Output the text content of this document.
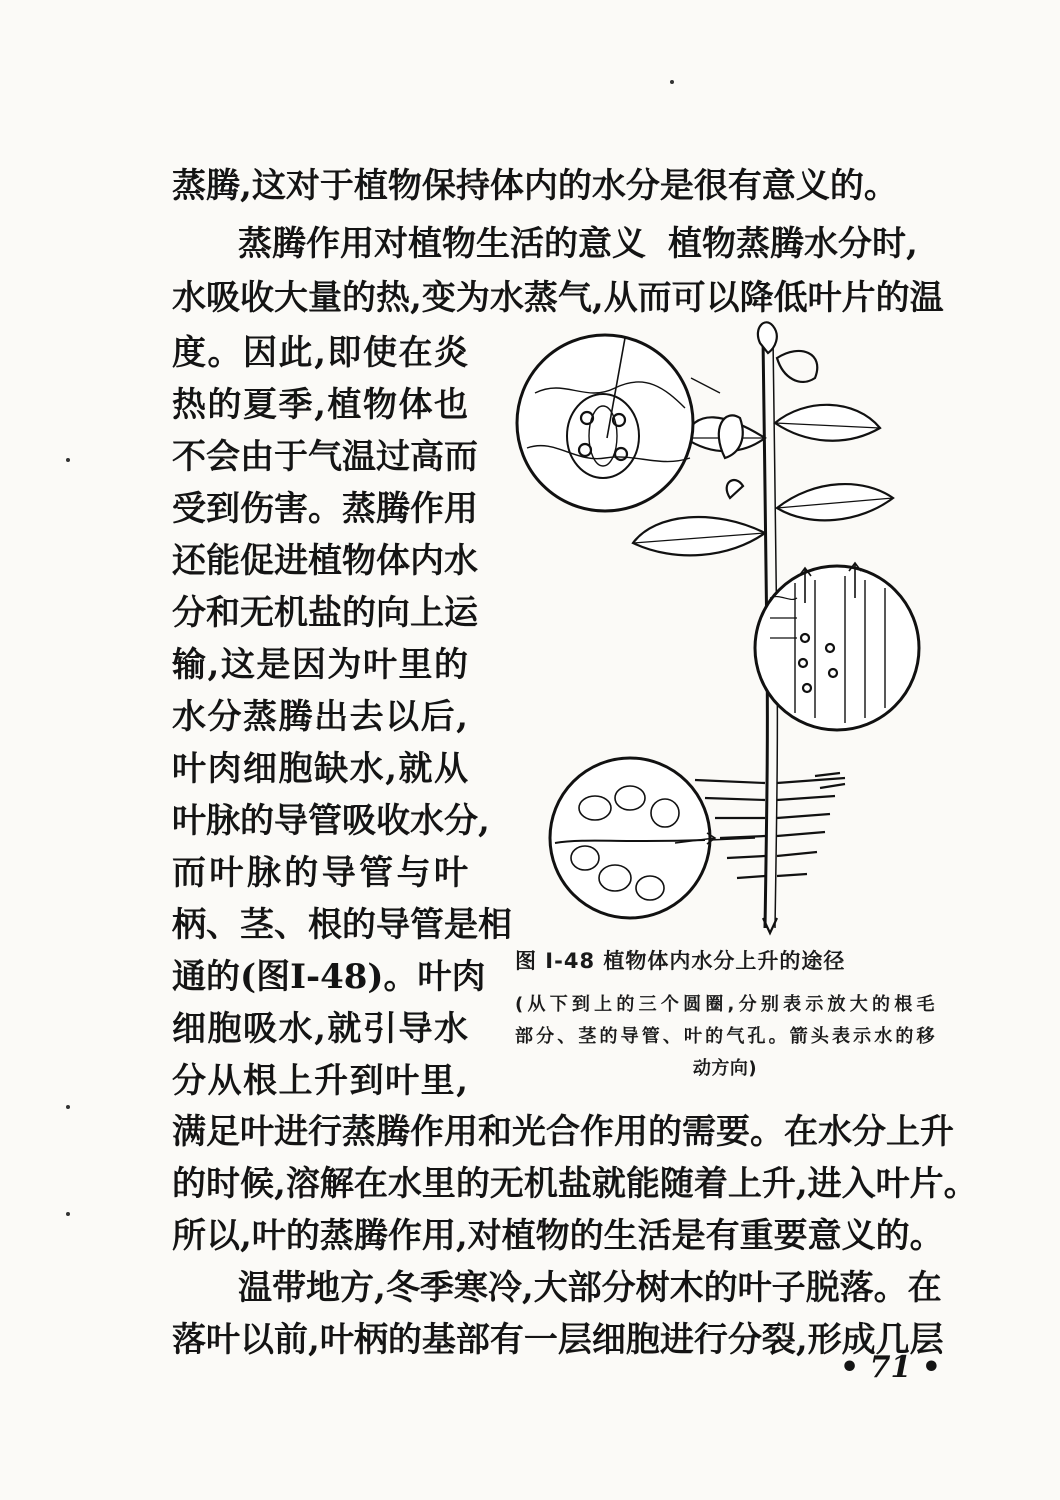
蒸腾,这对于植物保持体内的水分是很有意义的。
蒸腾作用对植物生活的意义 植物蒸腾水分时,
水吸收大量的热,变为水蒸气,从而可以降低叶片的温
度。因此,即使在炎
热的夏季,植物体也
不会由于气温过高而
受到伤害。蒸腾作用
还能促进植物体内水
分和无机盐的向上运
输,这是因为叶里的
水分蒸腾出去以后,
叶肉细胞缺水,就从
叶脉的导管吸收水分,
而叶脉的导管与叶
柄、茎、根的导管是相
通的(图I-48)。叶肉
细胞吸水,就引导水
分从根上升到叶里,
图 I-48 植物体内水分上升的途径
(从下到上的三个圆圈,分别表示放大的根毛
部分、茎的导管、叶的气孔。箭头表示水的移
动方向)
满足叶进行蒸腾作用和光合作用的需要。在水分上升
的时候,溶解在水里的无机盐就能随着上升,进入叶片。
所以,叶的蒸腾作用,对植物的生活是有重要意义的。
温带地方,冬季寒冷,大部分树木的叶子脱落。在
落叶以前,叶柄的基部有一层细胞进行分裂,形成几层
• 71 •
